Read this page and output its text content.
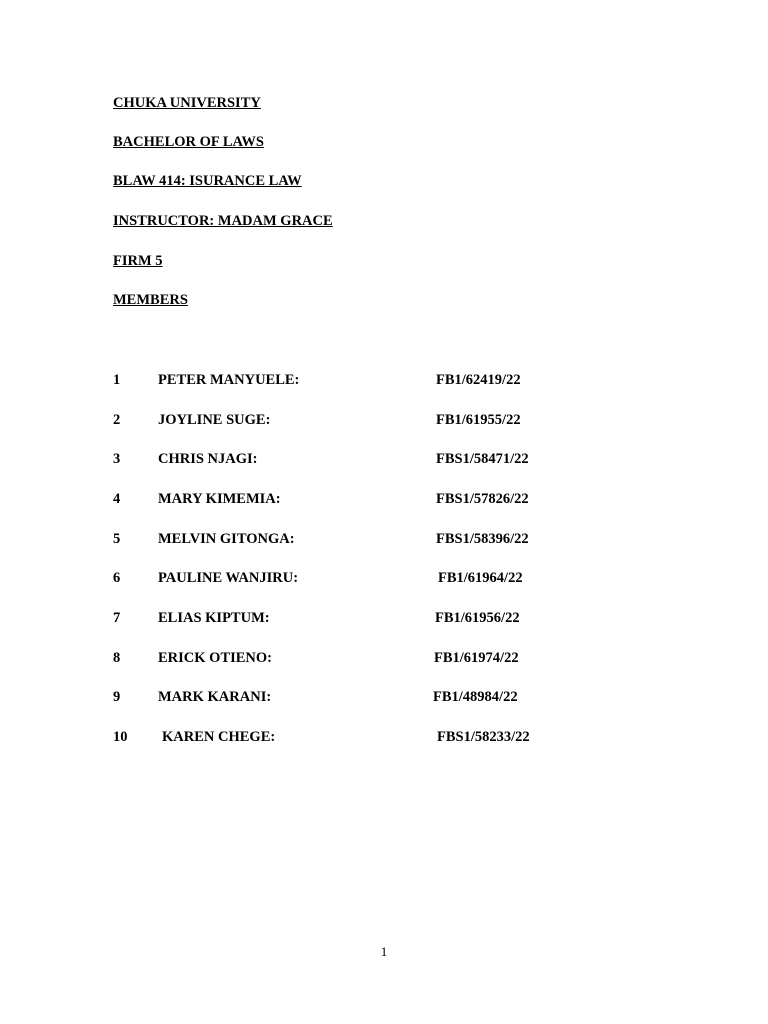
CHUKA UNIVERSITY
BACHELOR OF LAWS
BLAW 414: ISURANCE LAW
INSTRUCTOR: MADAM GRACE
FIRM 5
MEMBERS
1	PETER MANYUELE:	FB1/62419/22
2	JOYLINE SUGE:	FB1/61955/22
3	CHRIS NJAGI:	FBS1/58471/22
4	MARY KIMEMIA:	FBS1/57826/22
5	MELVIN GITONGA:	FBS1/58396/22
6	PAULINE WANJIRU:	FB1/61964/22
7	ELIAS KIPTUM:	FB1/61956/22
8	ERICK OTIENO:	FB1/61974/22
9	MARK KARANI:	FB1/48984/22
10 KAREN CHEGE:	FBS1/58233/22
1
